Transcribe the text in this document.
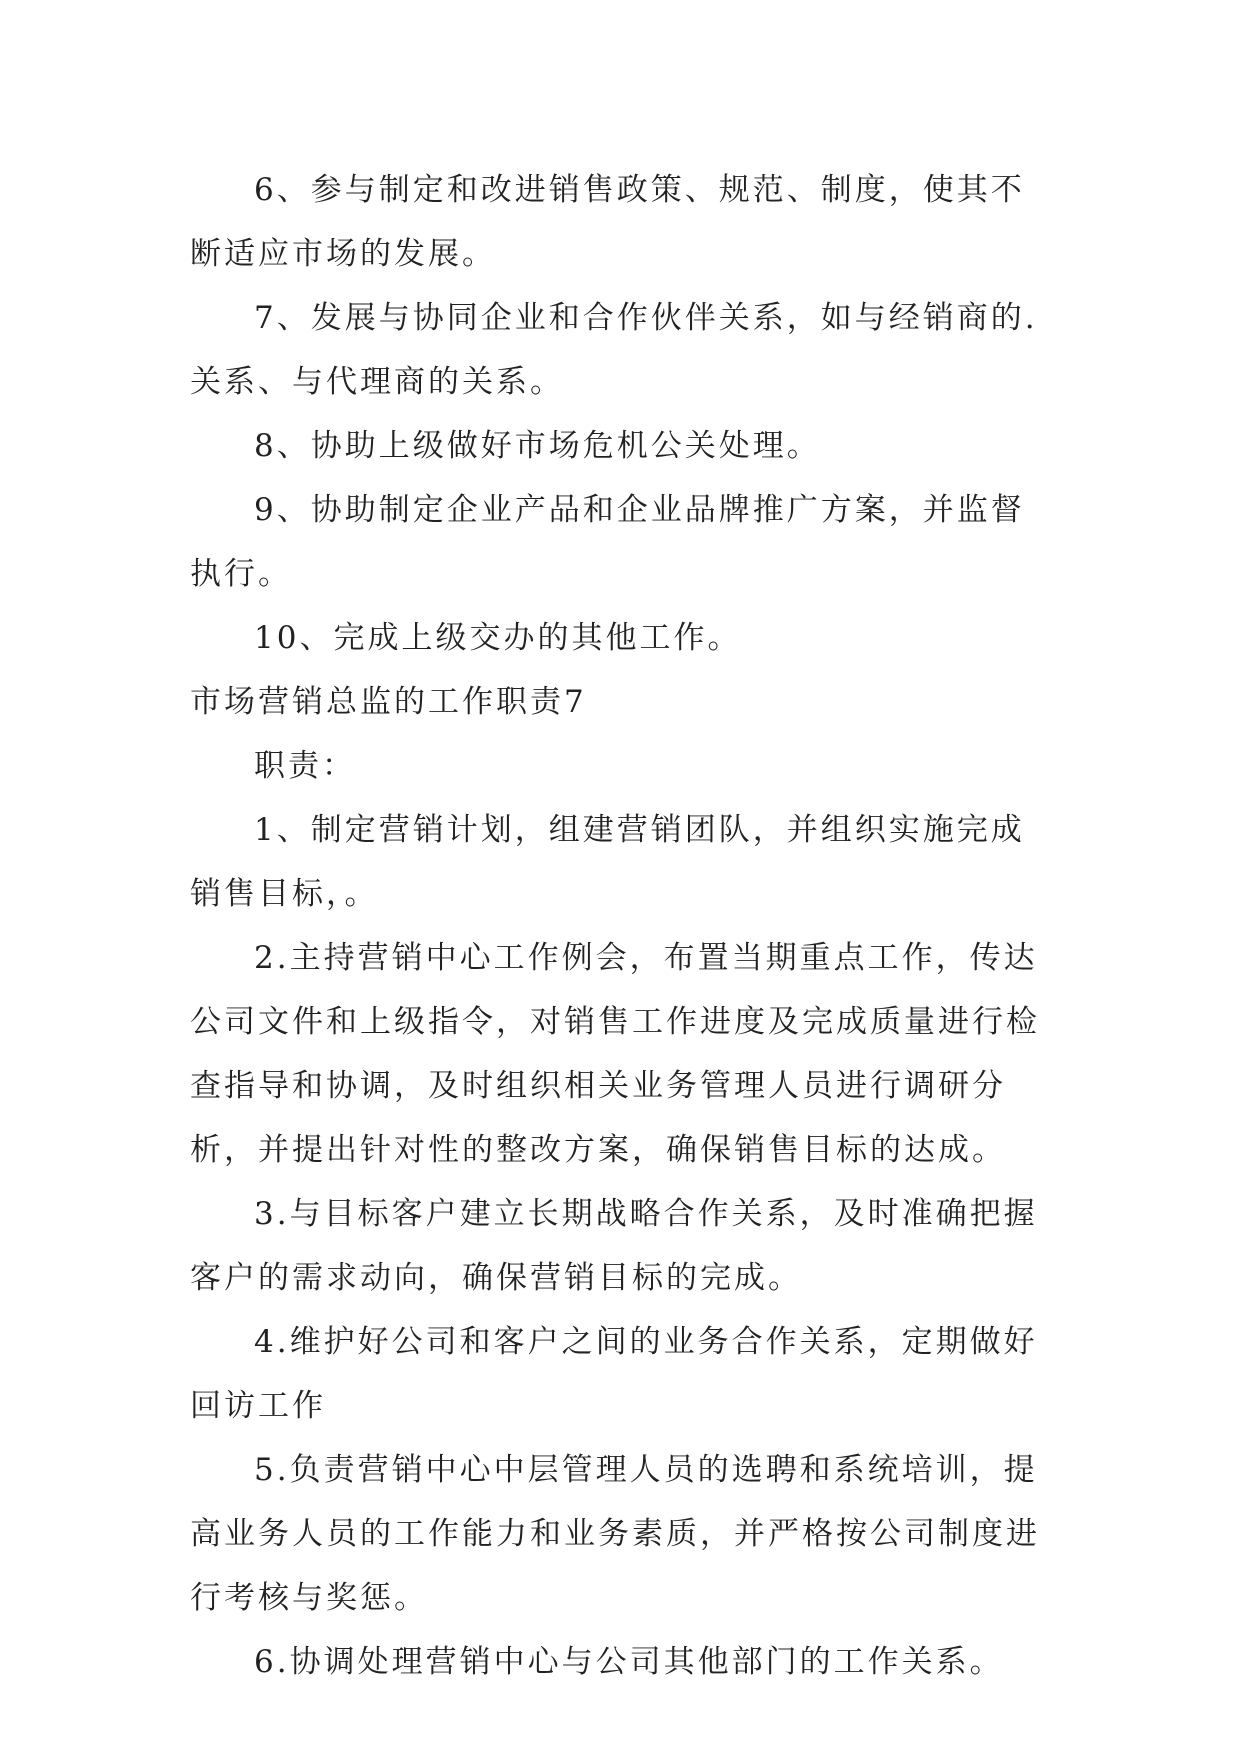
6、参与制定和改进销售政策、规范、制度，使其不断适应市场的发展。

7、发展与协同企业和合作伙伴关系，如与经销商的.关系、与代理商的关系。

8、协助上级做好市场危机公关处理。

9、协助制定企业产品和企业品牌推广方案，并监督执行。

10、完成上级交办的其他工作。

市场营销总监的工作职责7

职责：

1、制定营销计划，组建营销团队，并组织实施完成销售目标，。

2.主持营销中心工作例会，布置当期重点工作，传达公司文件和上级指令，对销售工作进度及完成质量进行检查指导和协调，及时组织相关业务管理人员进行调研分析，并提出针对性的整改方案，确保销售目标的达成。

3.与目标客户建立长期战略合作关系，及时准确把握客户的需求动向，确保营销目标的完成。

4.维护好公司和客户之间的业务合作关系，定期做好回访工作

5.负责营销中心中层管理人员的选聘和系统培训，提高业务人员的工作能力和业务素质，并严格按公司制度进行考核与奖惩。

6.协调处理营销中心与公司其他部门的工作关系。
